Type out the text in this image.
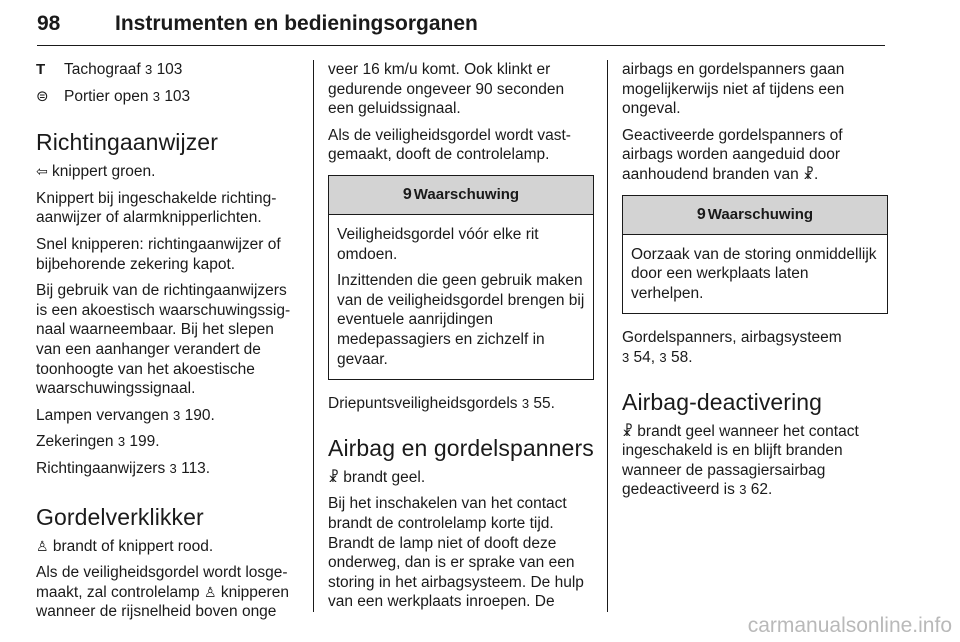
98	Instrumenten en bedieningsorganen
T	Tachograaf 3 103
⊜ Portier open 3 103
Richtingaanwijzer

⇦ knippert groen.

Knippert bij ingeschakelde richtingaanwijzer of alarmknipperlichten.

Snel knipperen: richtingaanwijzer of bijbehorende zekering kapot.

Bij gebruik van de richtingaanwijzers is een akoestisch waarschuwingssignaal waarneembaar. Bij het slepen van een aanhanger verandert de toonhoogte van het akoestische waarschuwingssignaal.

Lampen vervangen 3 190.

Zekeringen 3 199.

Richtingaanwijzers 3 113.

Gordelverklikker

♙ brandt of knippert rood.

Als de veiligheidsgordel wordt losgemaakt, zal controlelamp ♙ knipperen wanneer de rijsnelheid boven onge

veer 16 km/u komt. Ook klinkt er gedurende ongeveer 90 seconden een geluidssignaal.

Als de veiligheidsgordel wordt vastgemaakt, dooft de controlelamp.

9 Waarschuwing

Veiligheidsgordel vóór elke rit omdoen.

Inzittenden die geen gebruik maken van de veiligheidsgordel brengen bij eventuele aanrijdingen medepassagiers en zichzelf in gevaar.

Driepuntsveiligheidsgordels 3 55.

Airbag en gordelspanners

☧ brandt geel.

Bij het inschakelen van het contact brandt de controlelamp korte tijd. Brandt de lamp niet of dooft deze onderweg, dan is er sprake van een storing in het airbagsysteem. De hulp van een werkplaats inroepen. De

airbags en gordelspanners gaan mogelijkerwijs niet af tijdens een ongeval.

Geactiveerde gordelspanners of airbags worden aangeduid door aanhoudend branden van ☧.

9 Waarschuwing

Oorzaak van de storing onmiddellijk door een werkplaats laten verhelpen.

Gordelspanners, airbagsysteem
3 54, 3 58.

Airbag-deactivering

☧ brandt geel wanneer het contact ingeschakeld is en blijft branden wanneer de passagiersairbag gedeactiveerd is 3 62.

carmanualsonline.info
